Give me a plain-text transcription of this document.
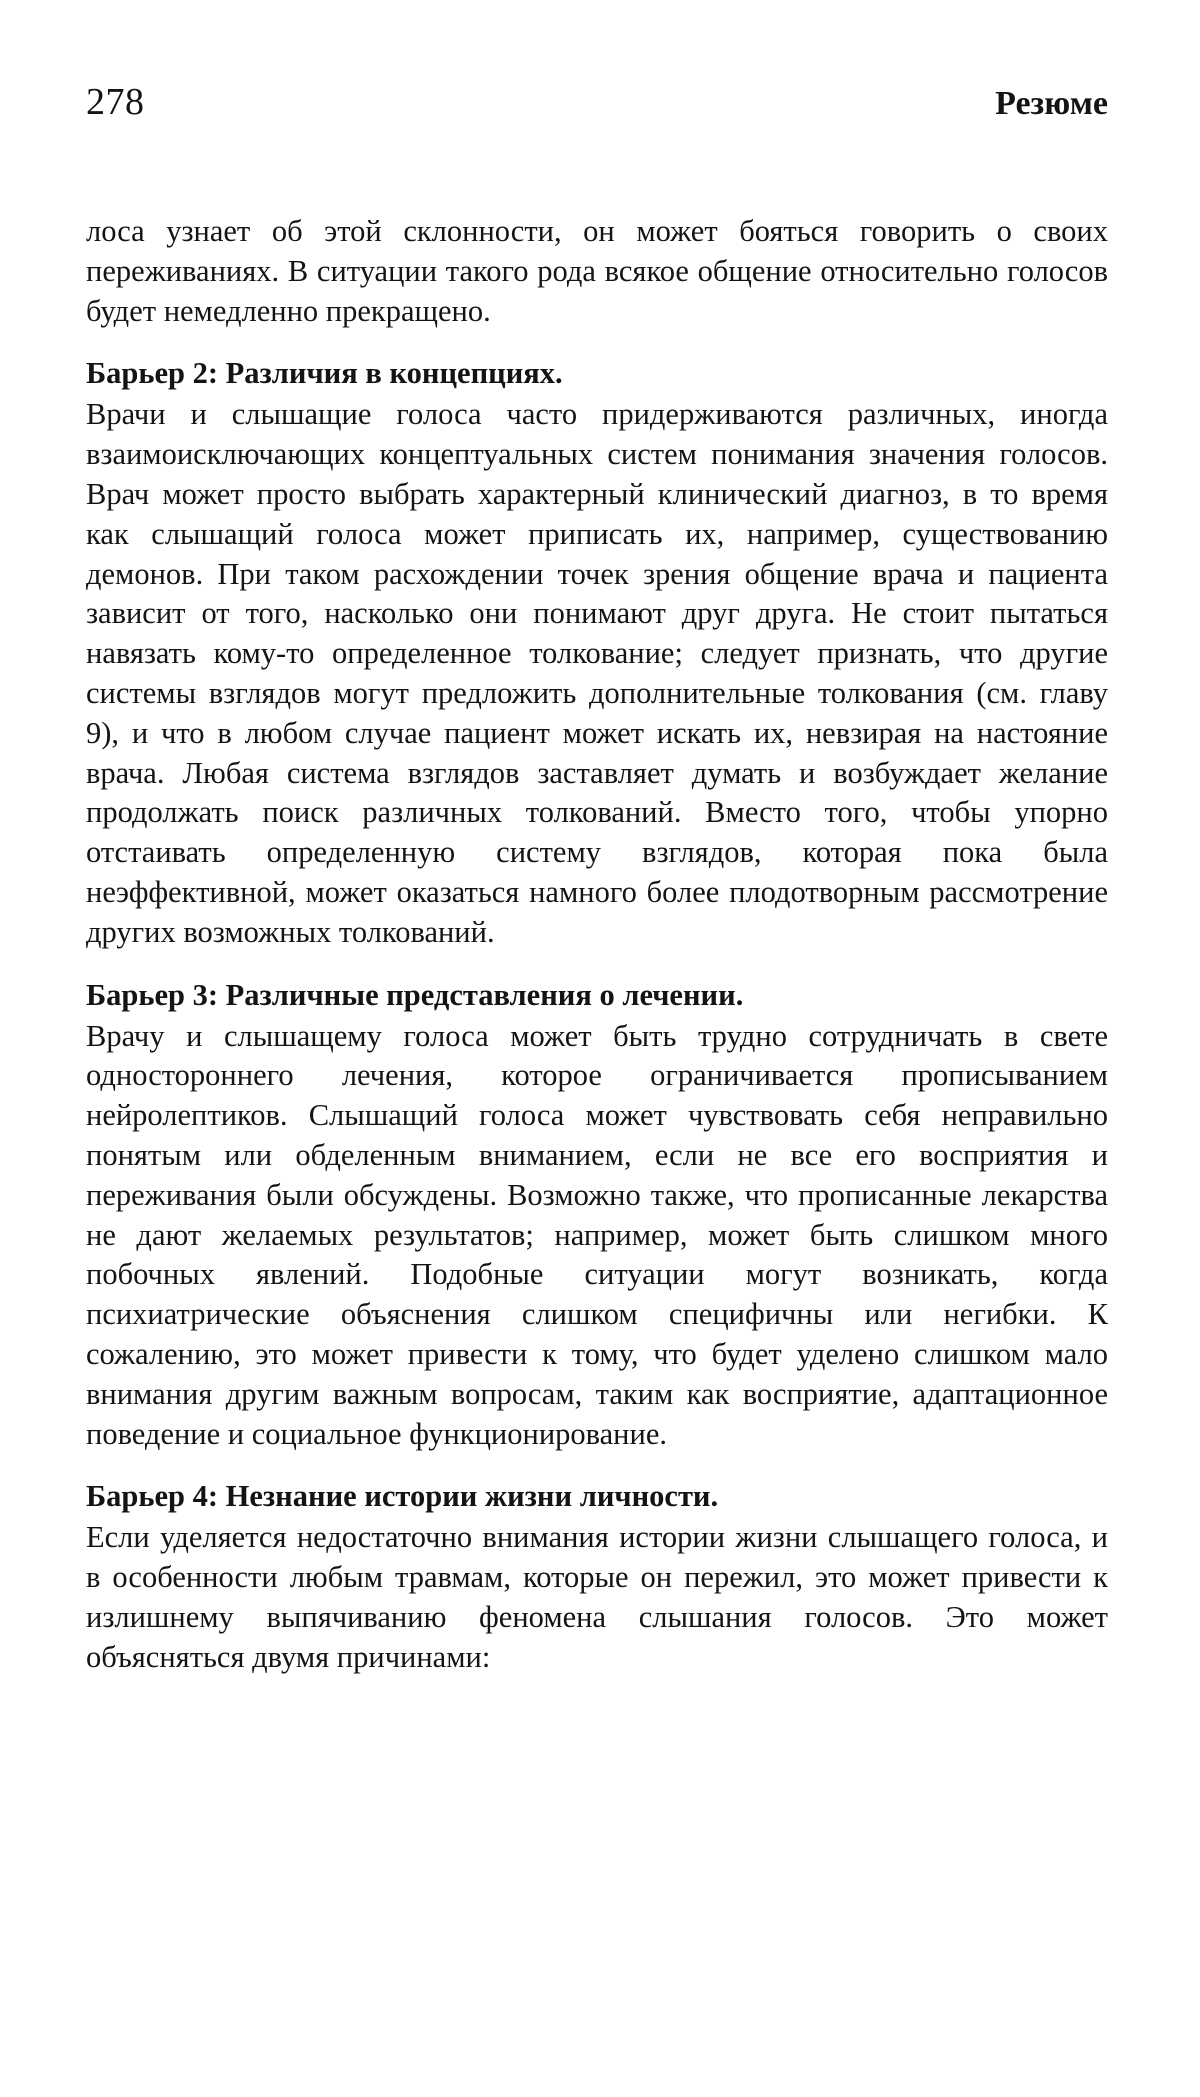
278	Резюме

лоса узнает об этой склонности, он может бояться говорить о своих переживаниях. В ситуации такого рода всякое общение относительно голосов будет немедленно прекращено.

Барьер 2: Различия в концепциях.

Врачи и слышащие голоса часто придерживаются различных, иногда взаимоисключающих концептуальных систем понимания значения голосов. Врач может просто выбрать характерный клинический диагноз, в то время как слышащий голоса может приписать их, например, существованию демонов. При таком расхождении точек зрения общение врача и пациента зависит от того, насколько они понимают друг друга. Не стоит пытаться навязать кому-то определенное толкование; следует признать, что другие системы взглядов могут предложить дополнительные толкования (см. главу 9), и что в любом случае пациент может искать их, невзирая на настояние врача. Любая система взглядов заставляет думать и возбуждает желание продолжать поиск различных толкований. Вместо того, чтобы упорно отстаивать определенную систему взглядов, которая пока была неэффективной, может оказаться намного более плодотворным рассмотрение других возможных толкований.

Барьер 3: Различные представления о лечении.

Врачу и слышащему голоса может быть трудно сотрудничать в свете одностороннего лечения, которое ограничивается прописыванием нейролептиков. Слышащий голоса может чувствовать себя неправильно понятым или обделенным вниманием, если не все его восприятия и переживания были обсуждены. Возможно также, что прописанные лекарства не дают желаемых результатов; например, может быть слишком много побочных явлений. Подобные ситуации могут возникать, когда психиатрические объяснения слишком специфичны или негибки. К сожалению, это может привести к тому, что будет уделено слишком мало внимания другим важным вопросам, таким как восприятие, адаптационное поведение и социальное функционирование.

Барьер 4: Незнание истории жизни личности.

Если уделяется недостаточно внимания истории жизни слышащего голоса, и в особенности любым травмам, которые он пережил, это может привести к излишнему выпячиванию феномена слышания голосов. Это может объясняться двумя причинами:
